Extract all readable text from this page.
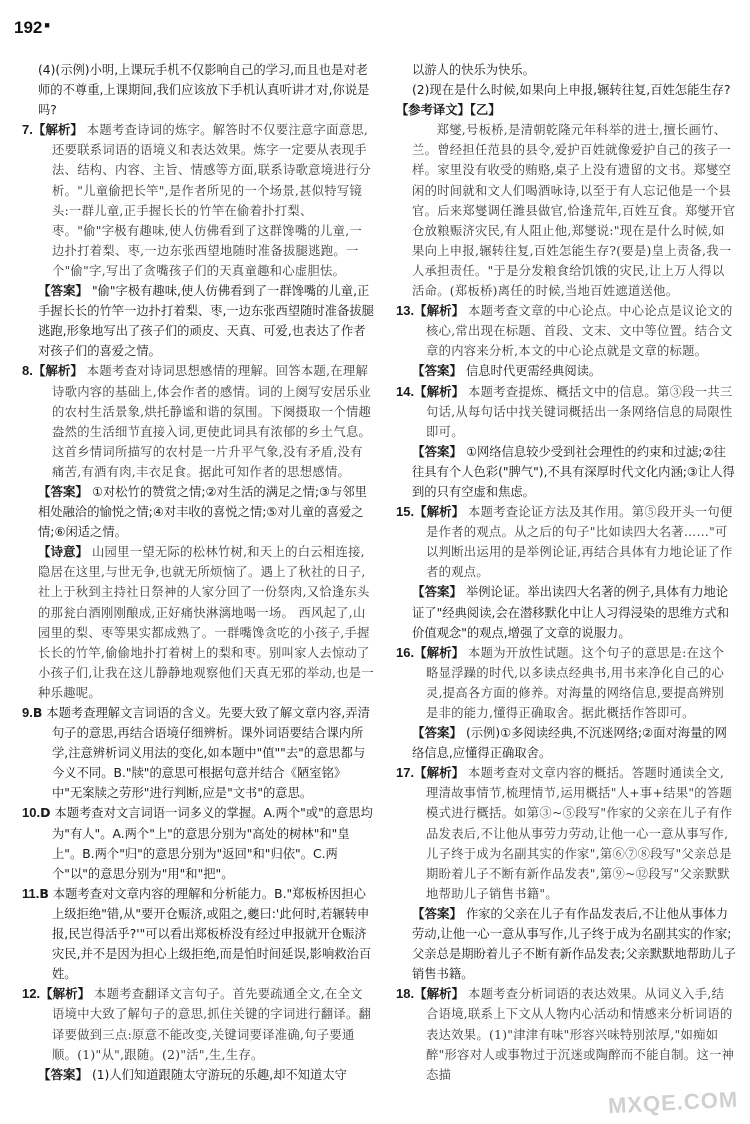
192 ■

(4)(示例)小明,上课玩手机不仅影响自己的学习,而且也是对老师的不尊重,上课期间,我们应该放下手机认真听讲才对,你说是吗?

7.【解析】 本题考查诗词的炼字。解答时不仅要注意字面意思,还要联系词语的语境义和表达效果。炼字一定要从表现手法、结构、内容、主旨、情感等方面,联系诗歌意境进行分析。"儿童偷把长竿",是作者所见的一个场景,甚似特写镜头:一群儿童,正手握长长的竹竿在偷着扑打梨、枣。"偷"字极有趣味,使人仿佛看到了这群馋嘴的儿童,一边扑打着梨、枣,一边东张西望地随时准备拔腿逃跑。一个"偷"字,写出了贪嘴孩子们的天真童趣和心虚胆怯。

【答案】 "偷"字极有趣味,使人仿佛看到了一群馋嘴的儿童,正手握长长的竹竿一边扑打着梨、枣,一边东张西望随时准备拔腿逃跑,形象地写出了孩子们的顽皮、天真、可爱,也表达了作者对孩子们的喜爱之情。

8.【解析】 本题考查对诗词思想感情的理解。回答本题,在理解诗歌内容的基础上,体会作者的感情。词的上阕写安居乐业的农村生活景象,烘托静谧和谐的氛围。下阕摄取一个情趣盎然的生活细节直接入词,更使此词具有浓郁的乡土气息。这首乡情词所描写的农村是一片升平气象,没有矛盾,没有痛苦,有酒有肉,丰衣足食。据此可知作者的思想感情。

【答案】 ①对松竹的赞赏之情;②对生活的满足之情;③与邻里相处融洽的愉悦之情;④对丰收的喜悦之情;⑤对儿童的喜爱之情;⑥闲适之情。

【诗意】 山园里一望无际的松林竹树,和天上的白云相连接,隐居在这里,与世无争,也就无所烦恼了。遇上了秋社的日子,社上于秋到主持社日祭神的人家分回了一份祭肉,又恰逢东头的那瓮白酒刚刚酿成,正好痛快淋漓地喝一场。 西风起了,山园里的梨、枣等果实都成熟了。一群嘴馋贪吃的小孩子,手握长长的竹竿,偷偷地扑打着树上的梨和枣。别叫家人去惊动了小孩子们,让我在这儿静静地观察他们天真无邪的举动,也是一种乐趣呢。

9.B 本题考查理解文言词语的含义。先要大致了解文章内容,弄清句子的意思,再结合语境仔细辨析。课外词语要结合课内所学,注意辨析词义用法的变化,如本题中"值""去"的意思都与今义不同。B."牍"的意思可根据句意并结合《陋室铭》中"无案牍之劳形"进行判断,应是"文书"的意思。

10.D 本题考查对文言词语一词多义的掌握。A.两个"或"的意思均为"有人"。A.两个"上"的意思分别为"高处的树林"和"皇上"。B.两个"归"的意思分别为"返回"和"归依"。C.两个"以"的意思分别为"用"和"把"。

11.B 本题考查对文章内容的理解和分析能力。B."郑板桥因担心上级拒绝"错,从"要开仓赈济,或阻之,夔曰:'此何时,若辗转申报,民岂得活乎?'"可以看出郑板桥没有经过申报就开仓赈济灾民,并不是因为担心上级拒绝,而是怕时间延误,影响救治百姓。

12.【解析】 本题考查翻译文言句子。首先要疏通全文,在全文语境中大致了解句子的意思,抓住关键的字词进行翻译。翻译要做到三点:原意不能改变,关键词要译准确,句子要通顺。(1)"从",跟随。(2)"活",生,生存。

【答案】 (1)人们知道跟随太守游玩的乐趣,却不知道太守

以游人的快乐为快乐。

(2)现在是什么时候,如果向上申报,辗转往复,百姓怎能生存?

【参考译文】【乙】

郑燮,号板桥,是清朝乾隆元年科举的进士,擅长画竹、兰。曾经担任范县的县令,爱护百姓就像爱护自己的孩子一样。家里没有收受的贿赂,桌子上没有遗留的文书。郑燮空闲的时间就和文人们喝酒咏诗,以至于有人忘记他是一个县官。后来郑燮调任潍县做官,恰逢荒年,百姓互食。郑燮开官仓放粮赈济灾民,有人阻止他,郑燮说:"现在是什么时候,如果向上申报,辗转往复,百姓怎能生存?(要是)皇上责备,我一人承担责任。"于是分发粮食给饥饿的灾民,让上万人得以活命。(郑板桥)离任的时候,当地百姓遮道送他。

13.【解析】 本题考查文章的中心论点。中心论点是议论文的核心,常出现在标题、首段、文末、文中等位置。结合文章的内容来分析,本文的中心论点就是文章的标题。

【答案】 信息时代更需经典阅读。

14.【解析】 本题考查提炼、概括文中的信息。第③段一共三句话,从每句话中找关键词概括出一条网络信息的局限性即可。

【答案】 ①网络信息较少受到社会理性的约束和过滤;②往往具有个人色彩("脾气"),不具有深厚时代文化内涵;③让人得到的只有空虚和焦虑。

15.【解析】 本题考查论证方法及其作用。第⑤段开头一句便是作者的观点。从之后的句子"比如读四大名著……"可以判断出运用的是举例论证,再结合具体有力地论证了作者的观点。

【答案】 举例论证。举出读四大名著的例子,具体有力地论证了"经典阅读,会在潜移默化中让人习得浸染的思维方式和价值观念"的观点,增强了文章的说服力。

16.【解析】 本题为开放性试题。这个句子的意思是:在这个略显浮躁的时代,以多读点经典书,用书来净化自己的心灵,提高各方面的修养。对海量的网络信息,要提高辨别是非的能力,懂得正确取舍。据此概括作答即可。

【答案】 (示例)①多阅读经典,不沉迷网络;②面对海量的网络信息,应懂得正确取舍。

17.【解析】 本题考查对文章内容的概括。答题时通读全文,理清故事情节,梳理情节,运用概括"人+事+结果"的答题模式进行概括。如第③~⑤段写"作家的父亲在儿子有作品发表后,不让他从事劳力劳动,让他一心一意从事写作,儿子终于成为名副其实的作家",第⑥⑦⑧段写"父亲总是期盼着儿子不断有新作品发表",第⑨~⑫段写"父亲默默地帮助儿子销售书籍"。

【答案】 作家的父亲在儿子有作品发表后,不让他从事体力劳动,让他一心一意从事写作,儿子终于成为名副其实的作家;父亲总是期盼着儿子不断有新作品发表;父亲默默地帮助儿子销售书籍。

18.【解析】 本题考查分析词语的表达效果。从词义入手,结合语境,联系上下文从人物内心活动和情感来分析词语的表达效果。(1)"津津有味"形容兴味特别浓厚,"如痴如醉"形容对人或事物过于沉迷或陶醉而不能自制。这一神态描

MXQE.COM
